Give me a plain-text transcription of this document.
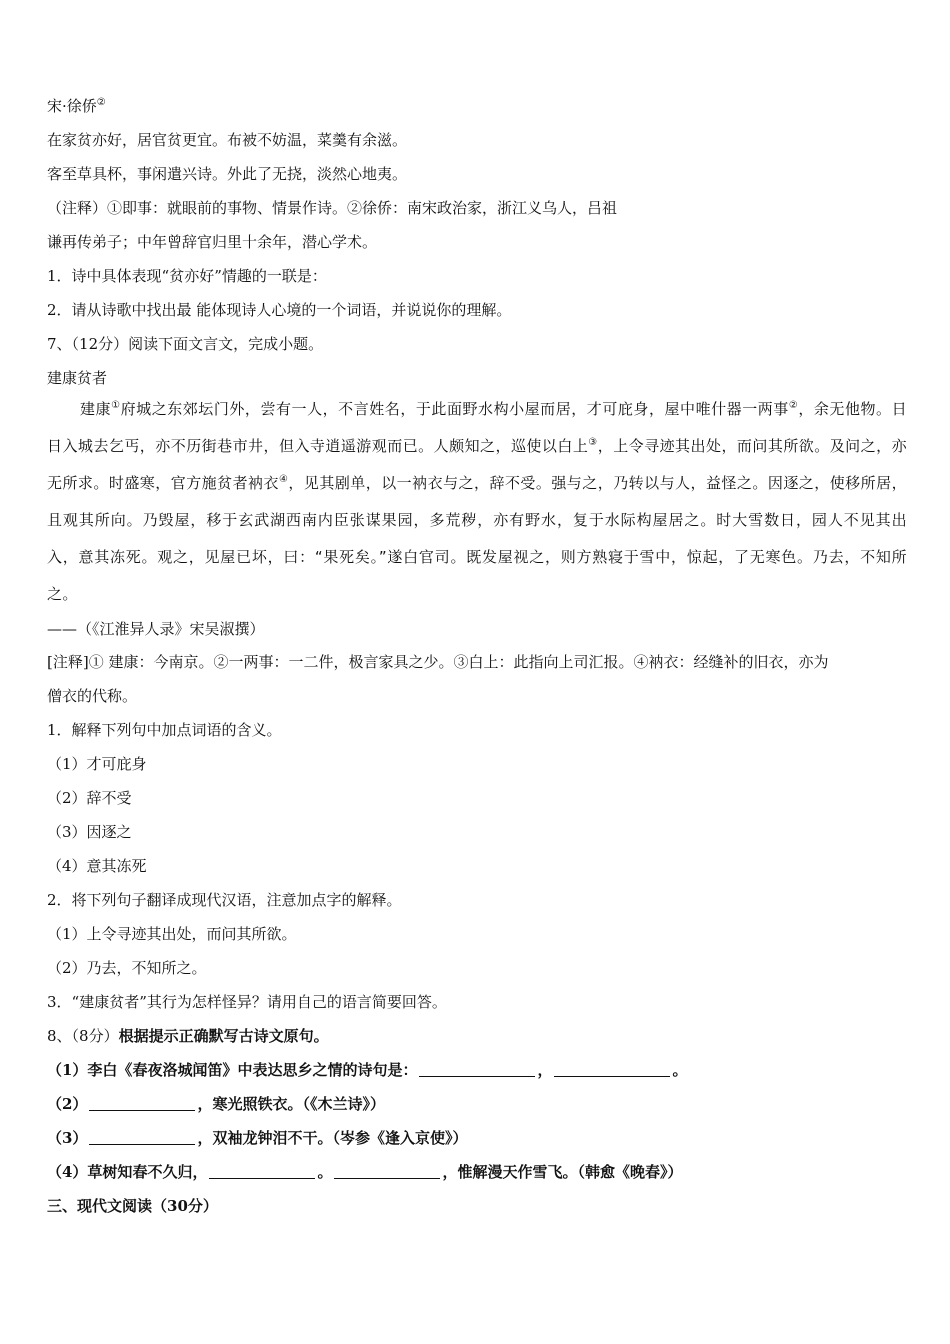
宋·徐侨②
在家贫亦好，居官贫更宜。布被不妨温，菜羹有余滋。
客至草具杯，事闲遣兴诗。外此了无挠，淡然心地夷。
（注释）①即事：就眼前的事物、情景作诗。②徐侨：南宋政治家，浙江义乌人，吕祖
谦再传弟子；中年曾辞官归里十余年，潜心学术。
1．诗中具体表现“贫亦好”情趣的一联是：
2．请从诗歌中找出最 能体现诗人心境的一个词语，并说说你的理解。
7、（12分）阅读下面文言文，完成小题。
建康贫者

建康①府城之东郊坛门外，尝有一人，不言姓名，于此面野水构小屋而居，才可庇身，屋中唯什器一两事②，余无他物。日日入城去乞丐，亦不历街巷市井，但入寺逍遥游观而已。人颇知之，巡使以白上③，上令寻迹其出处，而问其所欲。及问之，亦无所求。时盛寒，官方施贫者衲衣④，见其剧单，以一衲衣与之，辞不受。强与之，乃转以与人，益怪之。因逐之，使移所居，且观其所向。乃毁屋，移于玄武湖西南内臣张谋果园，多荒秽，亦有野水，复于水际构屋居之。时大雪数日，园人不见其出入，意其冻死。观之，见屋已坏，曰：“果死矣。”遂白官司。既发屋视之，则方熟寝于雪中，惊起，了无寒色。乃去，不知所之。

——（《江淮异人录》宋吴淑撰）
[注释]① 建康：今南京。②一两事：一二件，极言家具之少。③白上：此指向上司汇报。④衲衣：经缝补的旧衣，亦为
僧衣的代称。
1．解释下列句中加点词语的含义。
（1）才可庇身
（2）辞不受
（3）因逐之
（4）意其冻死
2．将下列句子翻译成现代汉语，注意加点字的解释。
（1）上令寻迹其出处，而问其所欲。
（2）乃去，不知所之。
3．“建康贫者”其行为怎样怪异？请用自己的语言简要回答。
8、（8分）根据提示正确默写古诗文原句。
（1）李白《春夜洛城闻笛》中表达思乡之情的诗句是：	，	。
（2）	，寒光照铁衣。（《木兰诗》）
（3）	，双袖龙钟泪不干。（岑参《逢入京使》）
（4）草树知春不久归，	。	，惟解漫天作雪飞。（韩愈《晚春》）
三、现代文阅读（30分）
